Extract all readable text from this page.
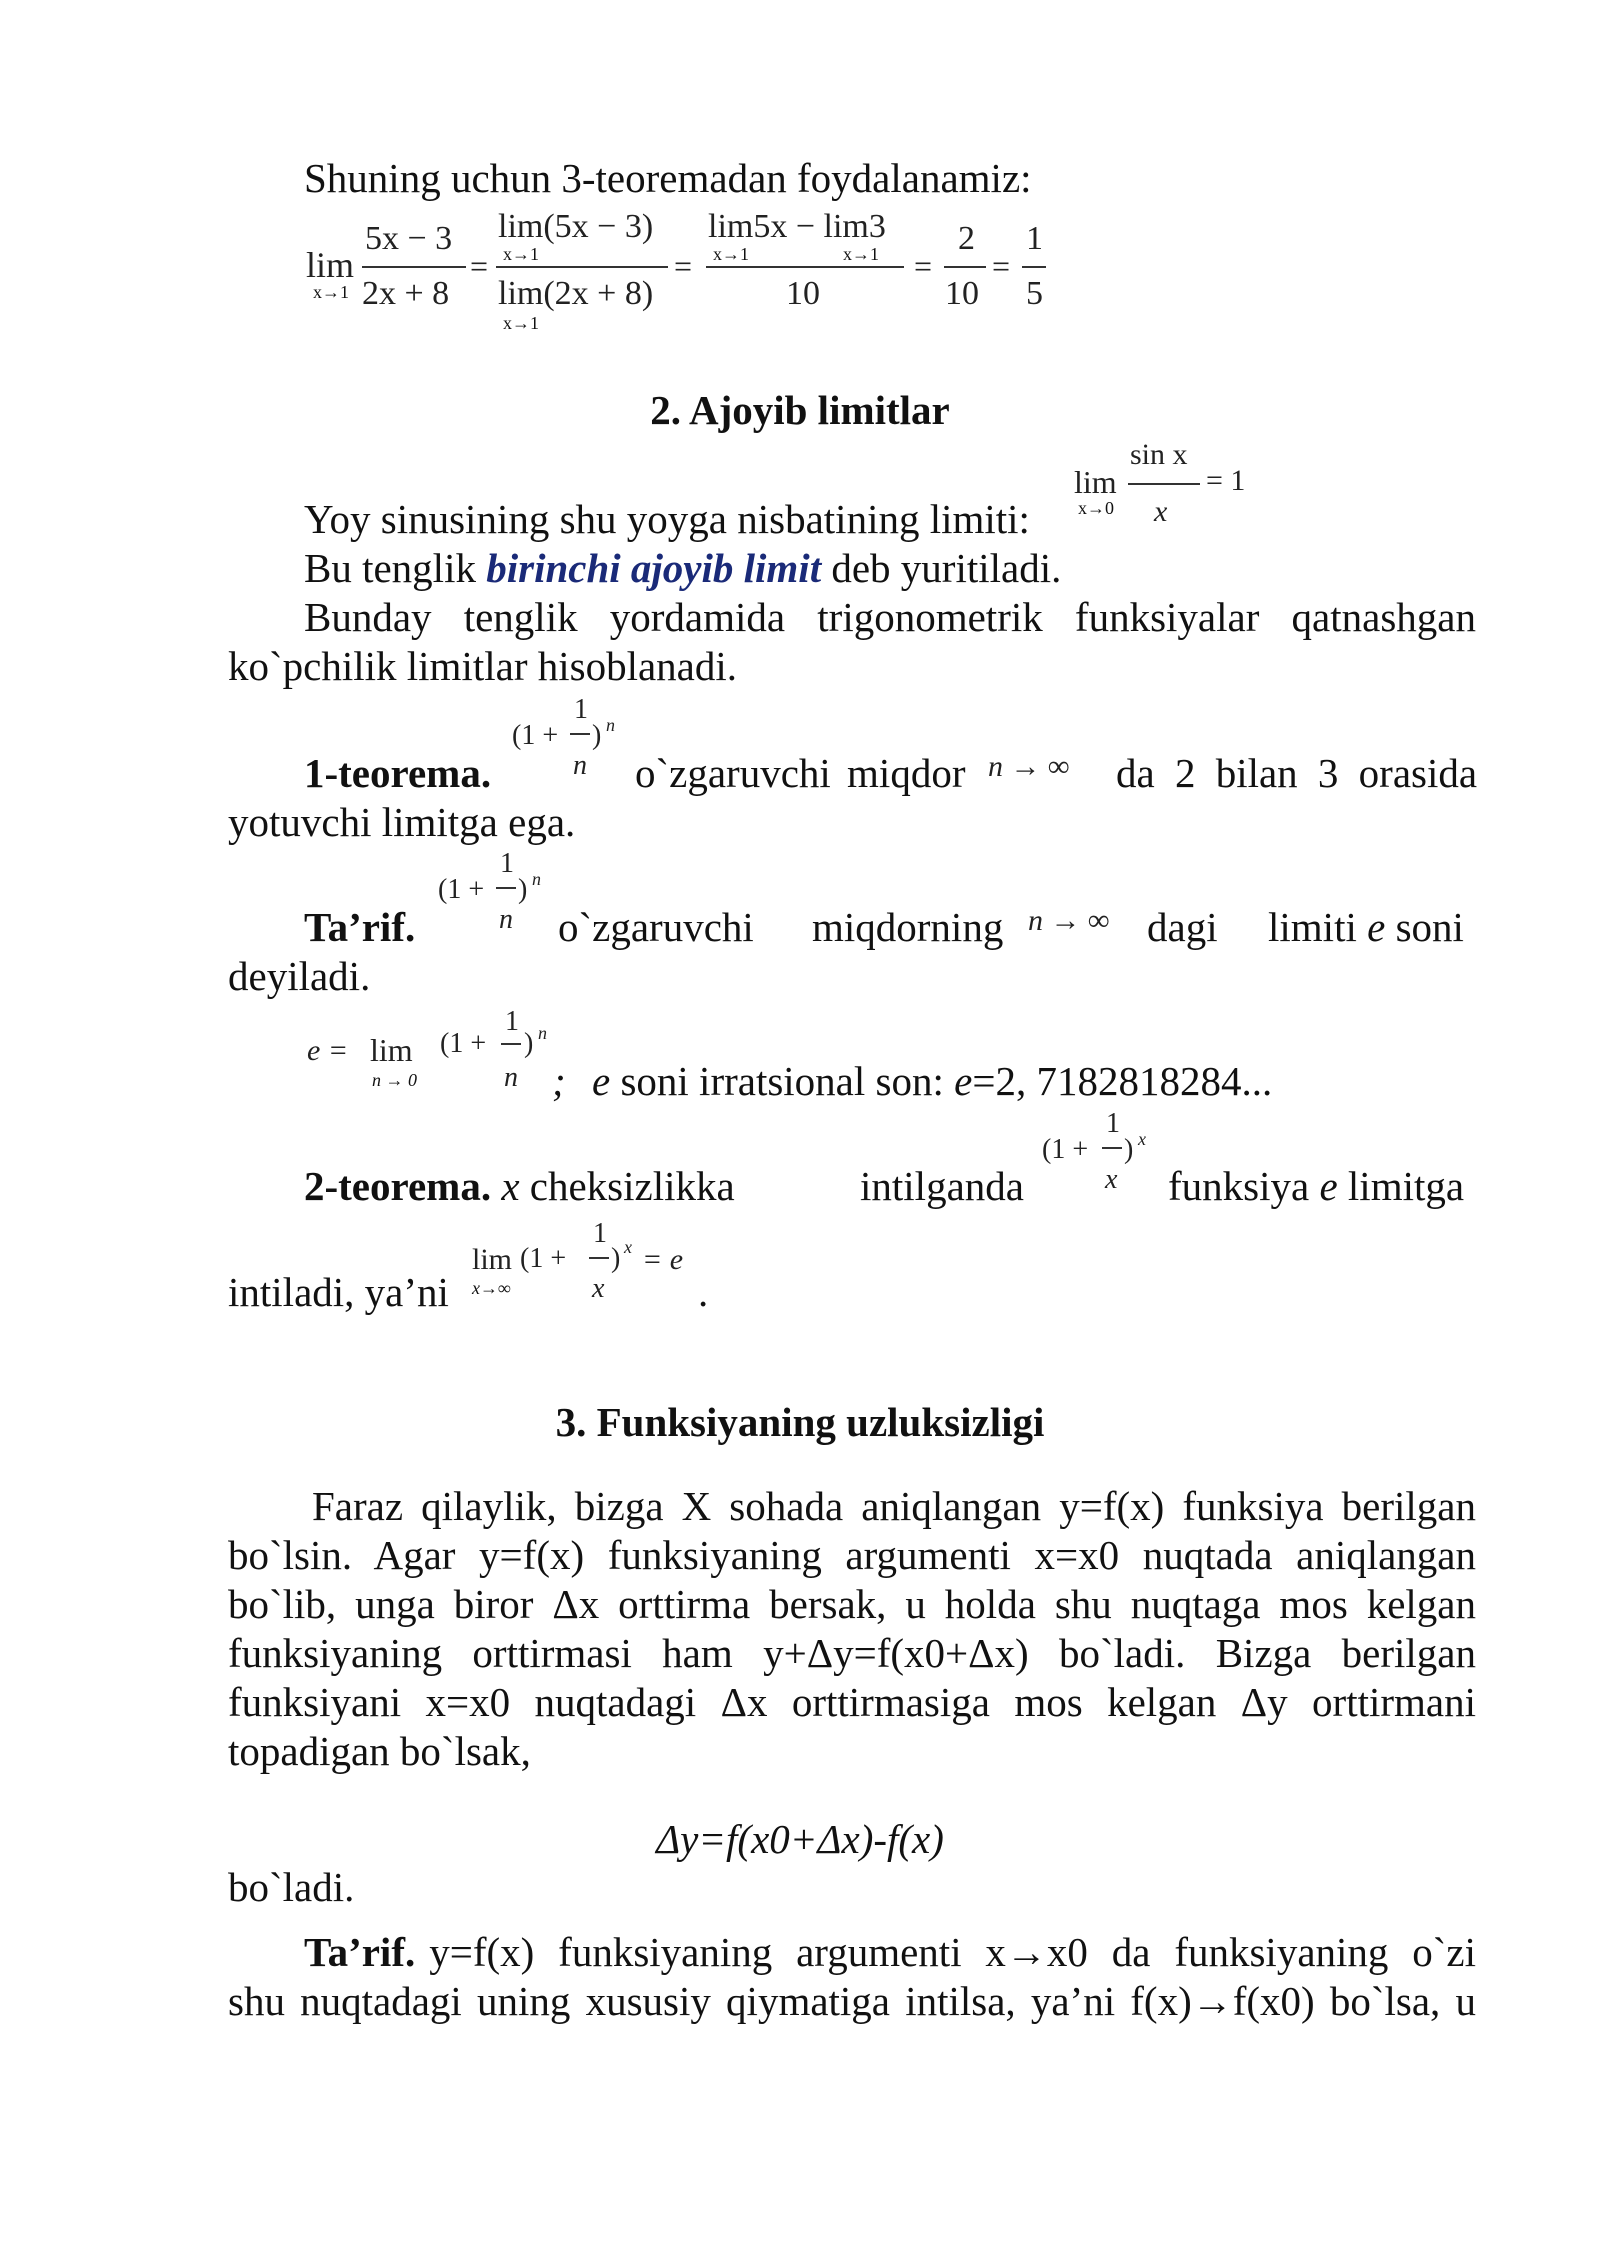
Shuning uchun 3-teoremadan foydalanamiz:
lim
x→1
5x − 3
2x + 8
=
lim(5x − 3)
x→1
lim(2x + 8)
x→1
=
lim5x − lim3
x→1	x→1
10
=
2
10
=
1
5
2. Ajoyib limitlar
lim
x→0
sin x
x
= 1
Yoy sinusining shu yoyga nisbatining limiti:
Bu tenglik birinchi ajoyib limit deb yuritiladi.
Bunday tenglik yordamida trigonometrik funksiyalar qatnashgan
ko`pchilik limitlar hisoblanadi.
(1 +
1
n
) n
n → ∞
1-teorema.	o`zgaruvchi miqdor	da 2 bilan 3 orasida
yotuvchi limitga ega.
(1 +
1
n
) n
n → ∞
Ta’rif.	o`zgaruvchi miqdorning	dagi limiti e soni
deyiladi.
e = lim
n → 0
(1 +
1
n
) n
; e soni irratsional son: e=2, 7182818284...
(1 +
1
x
) x
2-teorema. x cheksizlikka	intilganda	funksiya e limitga
lim
x→∞
(1 +
1
x
) x = e
intiladi, ya’ni	.
3. Funksiyaning uzluksizligi
Faraz qilaylik, bizga X sohada aniqlangan y=f(x) funksiya berilgan
bo`lsin. Agar y=f(x) funksiyaning argumenti x=x0 nuqtada aniqlangan
bo`lib, unga biror Δx orttirma bersak, u holda shu nuqtaga mos kelgan
funksiyaning orttirmasi ham y+Δy=f(x0+Δx) bo`ladi. Bizga berilgan
funksiyani x=x0 nuqtadagi Δx orttirmasiga mos kelgan Δy orttirmani
topadigan bo`lsak,
Δy=f(x0+Δx)-f(x)
bo`ladi.
Ta’rif. y=f(x) funksiyaning argumenti x→x0 da funksiyaning o`zi
shu nuqtadagi uning xususiy qiymatiga intilsa, ya’ni f(x)→f(x0) bo`lsa, u
